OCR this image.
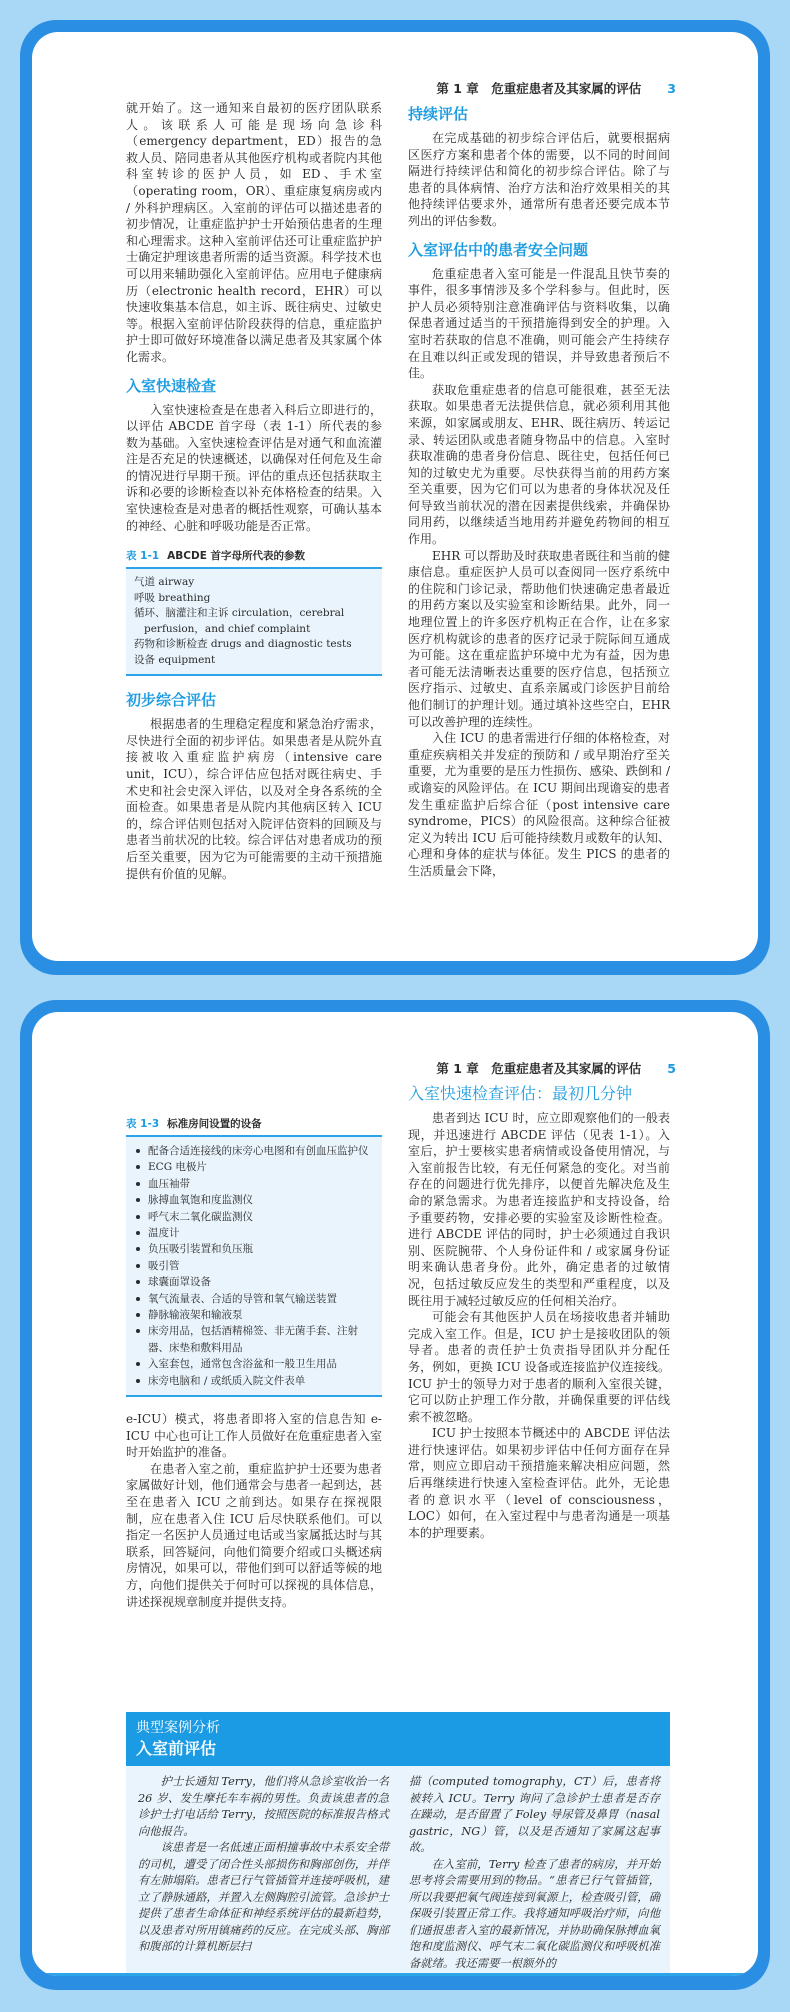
第 1 章　危重症患者及其家属的评估 3

就开始了。这一通知来自最初的医疗团队联系人。该联系人可能是现场向急诊科（emergency department，ED）报告的急救人员、陪同患者从其他医疗机构或者院内其他科室转诊的医护人员，如 ED、手术室（operating room，OR）、重症康复病房或内 / 外科护理病区。入室前的评估可以描述患者的初步情况，让重症监护护士开始预估患者的生理和心理需求。这种入室前评估还可让重症监护护士确定护理该患者所需的适当资源。科学技术也可以用来辅助强化入室前评估。应用电子健康病历（electronic health record，EHR）可以快速收集基本信息，如主诉、既往病史、过敏史等。根据入室前评估阶段获得的信息，重症监护护士即可做好环境准备以满足患者及其家属个体化需求。

入室快速检查

入室快速检查是在患者入科后立即进行的，以评估 ABCDE 首字母（表 1-1）所代表的参数为基础。入室快速检查评估是对通气和血流灌注是否充足的快速概述，以确保对任何危及生命的情况进行早期干预。评估的重点还包括获取主诉和必要的诊断检查以补充体格检查的结果。入室快速检查是对患者的概括性观察，可确认基本的神经、心脏和呼吸功能是否正常。

表 1-1 ABCDE 首字母所代表的参数
气道 airway
呼吸 breathing
循环、脑灌注和主诉 circulation，cerebral perfusion，and chief complaint
药物和诊断检查 drugs and diagnostic tests
设备 equipment
初步综合评估

根据患者的生理稳定程度和紧急治疗需求，尽快进行全面的初步评估。如果患者是从院外直接被收入重症监护病房（intensive care unit，ICU），综合评估应包括对既往病史、手术史和社会史深入评估，以及对全身各系统的全面检查。如果患者是从院内其他病区转入 ICU 的，综合评估则包括对入院评估资料的回顾及与患者当前状况的比较。综合评估对患者成功的预后至关重要，因为它为可能需要的主动干预措施提供有价值的见解。

持续评估

在完成基础的初步综合评估后，就要根据病区医疗方案和患者个体的需要，以不同的时间间隔进行持续评估和简化的初步综合评估。除了与患者的具体病情、治疗方法和治疗效果相关的其他持续评估要求外，通常所有患者还要完成本节列出的评估参数。

入室评估中的患者安全问题

危重症患者入室可能是一件混乱且快节奏的事件，很多事情涉及多个学科参与。但此时，医护人员必须特别注意准确评估与资料收集，以确保患者通过适当的干预措施得到安全的护理。入室时若获取的信息不准确，则可能会产生持续存在且难以纠正或发现的错误，并导致患者预后不佳。

获取危重症患者的信息可能很难，甚至无法获取。如果患者无法提供信息，就必须利用其他来源，如家属或朋友、EHR、既往病历、转运记录、转运团队或患者随身物品中的信息。入室时获取准确的患者身份信息、既往史，包括任何已知的过敏史尤为重要。尽快获得当前的用药方案至关重要，因为它们可以为患者的身体状况及任何导致当前状况的潜在因素提供线索，并确保协同用药，以继续适当地用药并避免药物间的相互作用。

EHR 可以帮助及时获取患者既往和当前的健康信息。重症医护人员可以查阅同一医疗系统中的住院和门诊记录，帮助他们快速确定患者最近的用药方案以及实验室和诊断结果。此外，同一地理位置上的许多医疗机构正在合作，让在多家医疗机构就诊的患者的医疗记录于院际间互通成为可能。这在重症监护环境中尤为有益，因为患者可能无法清晰表达重要的医疗信息，包括预立医疗指示、过敏史、直系亲属或门诊医护目前给他们制订的护理计划。通过填补这些空白，EHR 可以改善护理的连续性。

入住 ICU 的患者需进行仔细的体格检查，对重症疾病相关并发症的预防和 / 或早期治疗至关重要，尤为重要的是压力性损伤、感染、跌倒和 / 或谵妄的风险评估。在 ICU 期间出现谵妄的患者发生重症监护后综合征（post intensive care syndrome，PICS）的风险很高。这种综合征被定义为转出 ICU 后可能持续数月或数年的认知、心理和身体的症状与体征。发生 PICS 的患者的生活质量会下降，

第 1 章　危重症患者及其家属的评估 5
表 1-3 标准房间设置的设备
配备合适连接线的床旁心电图和有创血压监护仪
ECG 电极片
血压袖带
脉搏血氧饱和度监测仪
呼气末二氧化碳监测仪
温度计
负压吸引装置和负压瓶
吸引管
球囊面罩设备
氧气流量表、合适的导管和氧气输送装置
静脉输液架和输液泵
床旁用品，包括酒精棉签、非无菌手套、注射器、床垫和敷料用品
入室套包，通常包含浴盆和一般卫生用品
床旁电脑和 / 或纸质入院文件表单

e-ICU）模式，将患者即将入室的信息告知 e-ICU 中心也可让工作人员做好在危重症患者入室时开始监护的准备。

在患者入室之前，重症监护护士还要为患者家属做好计划，他们通常会与患者一起到达，甚至在患者入 ICU 之前到达。如果存在探视限制，应在患者入住 ICU 后尽快联系他们。可以指定一名医护人员通过电话或当家属抵达时与其联系，回答疑问，向他们简要介绍或口头概述病房情况，如果可以，带他们到可以舒适等候的地方，向他们提供关于何时可以探视的具体信息，讲述探视规章制度并提供支持。

入室快速检查评估：最初几分钟

患者到达 ICU 时，应立即观察他们的一般表现，并迅速进行 ABCDE 评估（见表 1-1）。入室后，护士要核实患者病情或设备使用情况，与入室前报告比较，有无任何紧急的变化。对当前存在的问题进行优先排序，以便首先解决危及生命的紧急需求。为患者连接监护和支持设备，给予重要药物，安排必要的实验室及诊断性检查。进行 ABCDE 评估的同时，护士必须通过自我识别、医院腕带、个人身份证件和 / 或家属身份证明来确认患者身份。此外，确定患者的过敏情况，包括过敏反应发生的类型和严重程度，以及既往用于减轻过敏反应的任何相关治疗。

可能会有其他医护人员在场接收患者并辅助完成入室工作。但是，ICU 护士是接收团队的领导者。患者的责任护士负责指导团队并分配任务，例如，更换 ICU 设备或连接监护仪连接线。ICU 护士的领导力对于患者的顺利入室很关键，它可以防止护理工作分散，并确保重要的评估线索不被忽略。

ICU 护士按照本节概述中的 ABCDE 评估法进行快速评估。如果初步评估中任何方面存在异常，则应立即启动干预措施来解决相应问题，然后再继续进行快速入室检查评估。此外，无论患者的意识水平（level of consciousness，LOC）如何，在入室过程中与患者沟通是一项基本的护理要素。

典型案例分析
入室前评估

护士长通知 Terry，他们将从急诊室收治一名 26 岁、发生摩托车车祸的男性。负责该患者的急诊护士打电话给 Terry，按照医院的标准报告格式向他报告。

该患者是一名低速正面相撞事故中未系安全带的司机，遭受了闭合性头部损伤和胸部创伤，并伴有左肺塌陷。患者已行气管插管并连接呼吸机，建立了静脉通路，并置入左侧胸腔引流管。急诊护士提供了患者生命体征和神经系统评估的最新趋势，以及患者对所用镇痛药的反应。在完成头部、胸部和腹部的计算机断层扫

描（computed tomography，CT）后，患者将被转入 ICU。Terry 询问了急诊护士患者是否存在躁动，是否留置了 Foley 导尿管及鼻胃（nasal gastric，NG）管，以及是否通知了家属这起事故。

在入室前，Terry 检查了患者的病房，并开始思考将会需要用到的物品。“患者已行气管插管，所以我要把氧气阀连接到氧源上，检查吸引管，确保吸引装置正常工作。我将通知呼吸治疗师，向他们通报患者入室的最新情况，并协助确保脉搏血氧饱和度监测仪、呼气末二氧化碳监测仪和呼吸机准备就绪。我还需要一根额外的
